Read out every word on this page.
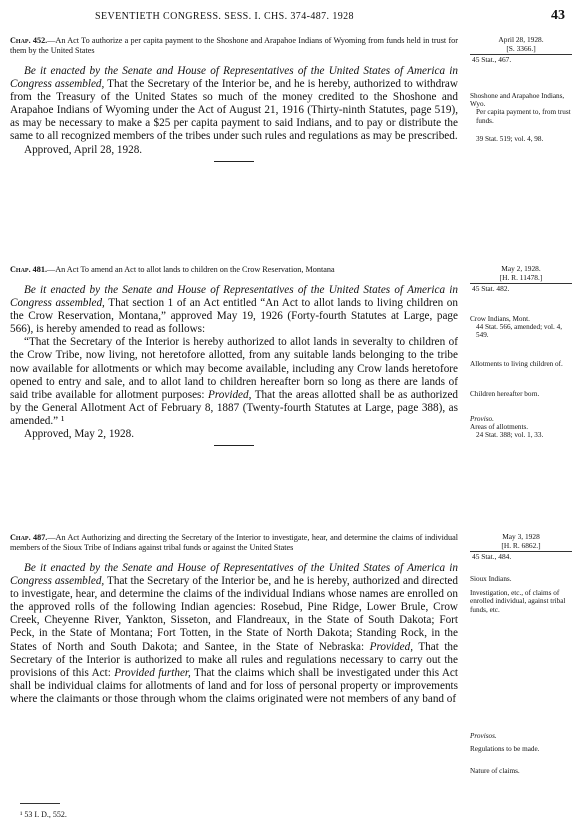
SEVENTIETH CONGRESS. SESS. I. CHS. 374-487. 1928	43

Chap. 452.—An Act To authorize a per capita payment to the Shoshone and Arapahoe Indians of Wyoming from funds held in trust for them by the United States

Be it enacted by the Senate and House of Representatives of the United States of America in Congress assembled, That the Secretary of the Interior be, and he is hereby, authorized to withdraw from the Treasury of the United States so much of the money credited to the Shoshone and Arapahoe Indians of Wyoming under the Act of August 21, 1916 (Thirty-ninth Statutes, page 519), as may be necessary to make a $25 per capita payment to said Indians, and to pay or distribute the same to all recognized members of the tribes under such rules and regulations as may be prescribed.

Approved, April 28, 1928.

Chap. 481.—An Act To amend an Act to allot lands to children on the Crow Reservation, Montana

Be it enacted by the Senate and House of Representatives of the United States of America in Congress assembled, That section 1 of an Act entitled “An Act to allot lands to living children on the Crow Reservation, Montana,” approved May 19, 1926 (Forty-fourth Statutes at Large, page 566), is hereby amended to read as follows:

“That the Secretary of the Interior is hereby authorized to allot lands in severalty to children of the Crow Tribe, now living, not heretofore allotted, from any suitable lands belonging to the tribe now available for allotments or which may become available, including any Crow lands heretofore opened to entry and sale, and to allot land to children hereafter born so long as there are lands of said tribe available for allotment purposes: Provided, That the areas allotted shall be as authorized by the General Allotment Act of February 8, 1887 (Twenty-fourth Statutes at Large, page 388), as amended.” ¹

Approved, May 2, 1928.

Chap. 487.—An Act Authorizing and directing the Secretary of the Interior to investigate, hear, and determine the claims of individual members of the Sioux Tribe of Indians against tribal funds or against the United States

Be it enacted by the Senate and House of Representatives of the United States of America in Congress assembled, That the Secretary of the Interior be, and he is hereby, authorized and directed to investigate, hear, and determine the claims of the individual Indians whose names are enrolled on the approved rolls of the following Indian agencies: Rosebud, Pine Ridge, Lower Brule, Crow Creek, Cheyenne River, Yankton, Sisseton, and Flandreaux, in the State of South Dakota; Fort Peck, in the State of Montana; Fort Totten, in the State of North Dakota; Standing Rock, in the States of North and South Dakota; and Santee, in the State of Nebraska: Provided, That the Secretary of the Interior is authorized to make all rules and regulations necessary to carry out the provisions of this Act: Provided further, That the claims which shall be investigated under this Act shall be individual claims for allotments of land and for loss of personal property or improvements where the claimants or those through whom the claims originated were not members of any band of

April 28, 1928.

[S. 3366.]

45 Stat., 467.

Shoshone and Arapahoe Indians, Wyo.

Per capita payment to, from trust funds.

39 Stat. 519; vol. 4, 98.

May 2, 1928.

[H. R. 11478.]

45 Stat. 482.

Crow Indians, Mont.

44 Stat. 566, amended; vol. 4, 549.

Allotments to living children of.

Children hereafter born.

Proviso.

Areas of allotments.

24 Stat. 388; vol. 1, 33.

May 3, 1928

[H. R. 6862.]

45 Stat., 484.

Sioux Indians.

Investigation, etc., of claims of enrolled individual, against tribal funds, etc.

Provisos.

Regulations to be made.

Nature of claims.

¹ 53 I. D., 552.
